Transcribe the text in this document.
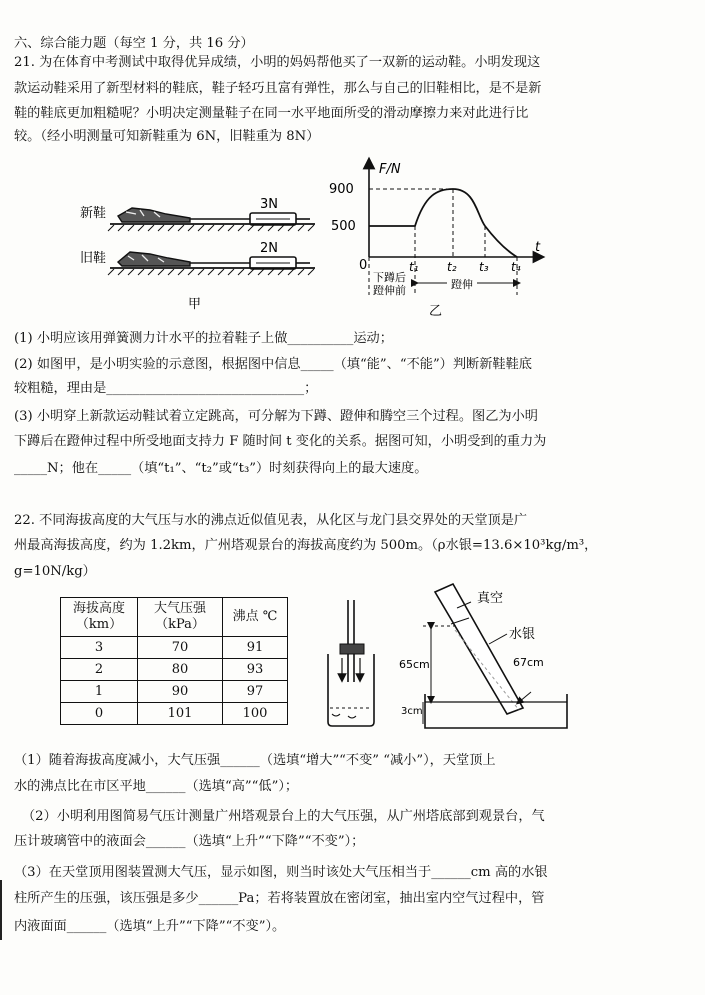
六、综合能力题（每空 1 分，共 16 分）
21. 为在体育中考测试中取得优异成绩，小明的妈妈帮他买了一双新的运动鞋。小明发现这
款运动鞋采用了新型材料的鞋底，鞋子轻巧且富有弹性，那么与自己的旧鞋相比，是不是新
鞋的鞋底更加粗糙呢？小明决定测量鞋子在同一水平地面所受的滑动摩擦力来对此进行比
较。（经小明测量可知新鞋重为 6N，旧鞋重为 8N）
新鞋
3N
旧鞋
2N
甲
F/N
t
0
900
500
t₁ t₂ t₃ t₄
下蹲后
蹬伸前	蹬伸
乙
(1) 小明应该用弹簧测力计水平的拉着鞋子上做__________运动；
(2) 如图甲，是小明实验的示意图，根据图中信息_____（填“能”、“不能”）判断新鞋鞋底
较粗糙，理由是______________________________；
(3) 小明穿上新款运动鞋试着立定跳高，可分解为下蹲、蹬伸和腾空三个过程。图乙为小明
下蹲后在蹬伸过程中所受地面支持力 F 随时间 t 变化的关系。据图可知，小明受到的重力为
_____N；他在_____（填“t₁”、“t₂”或“t₃”）时刻获得向上的最大速度。
22. 不同海拔高度的大气压与水的沸点近似值见表，从化区与龙门县交界处的天堂顶是广
州最高海拔高度，约为 1.2km，广州塔观景台的海拔高度约为 500m。（ρ水银=13.6×10³kg/m³，
g=10N/kg）
海拔高度
（km）	大气压强
（kPa）	沸点 ℃
3	70	91
2	80	93
1	90	97
0	101	100
真空
水银
65cm	67cm
3cm
（1）随着海拔高度减小，大气压强______（选填“增大”“不变” “减小”），天堂顶上
水的沸点比在市区平地______（选填“高”“低”）；
（2）小明利用图简易气压计测量广州塔观景台上的大气压强，从广州塔底部到观景台，气
压计玻璃管中的液面会______（选填“上升”“下降”“不变”）；
（3）在天堂顶用图装置测大气压，显示如图，则当时该处大气压相当于______cm 高的水银
柱所产生的压强，该压强是多少______Pa；若将装置放在密闭室，抽出室内空气过程中，管
内液面面______（选填“上升”“下降”“不变”）。
